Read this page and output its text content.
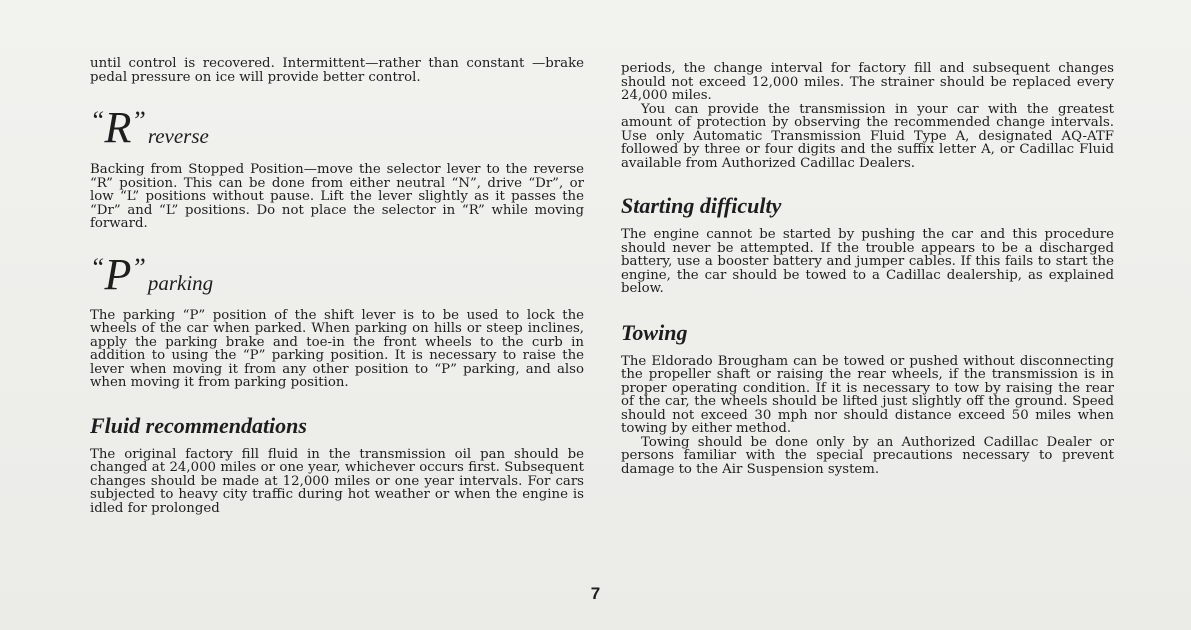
until control is recovered. Intermittent—rather than constant —brake pedal pressure on ice will provide better control.

“ R ”
reverse

Backing from Stopped Position—move the selector lever to the reverse “R” position. This can be done from either neutral “N”, drive “Dr”, or low “L” positions without pause. Lift the lever slightly as it passes the “Dr” and “L” positions. Do not place the selector in “R” while moving forward.

“ P ”
parking

The parking “P” position of the shift lever is to be used to lock the wheels of the car when parked. When parking on hills or steep inclines, apply the parking brake and toe-in the front wheels to the curb in addition to using the “P” parking position. It is necessary to raise the lever when moving it from any other position to “P” parking, and also when moving it from parking position.

Fluid recommendations

The original factory fill fluid in the transmission oil pan should be changed at 24,000 miles or one year, whichever occurs first. Subsequent changes should be made at 12,000 miles or one year intervals. For cars subjected to heavy city traffic during hot weather or when the engine is idled for prolonged

periods, the change interval for factory fill and subsequent changes should not exceed 12,000 miles. The strainer should be replaced every 24,000 miles.

You can provide the transmission in your car with the greatest amount of protection by observing the recommended change intervals. Use only Automatic Transmission Fluid Type A, designated AQ-ATF followed by three or four digits and the suffix letter A, or Cadillac Fluid available from Authorized Cadillac Dealers.

Starting difficulty

The engine cannot be started by pushing the car and this procedure should never be attempted. If the trouble appears to be a discharged battery, use a booster battery and jumper cables. If this fails to start the engine, the car should be towed to a Cadillac dealership, as explained below.

Towing

The Eldorado Brougham can be towed or pushed without disconnecting the propeller shaft or raising the rear wheels, if the transmission is in proper operating condition. If it is necessary to tow by raising the rear of the car, the wheels should be lifted just slightly off the ground. Speed should not exceed 30 mph nor should distance exceed 50 miles when towing by either method.

Towing should be done only by an Authorized Cadillac Dealer or persons familiar with the special precautions necessary to prevent damage to the Air Suspension system.

7
